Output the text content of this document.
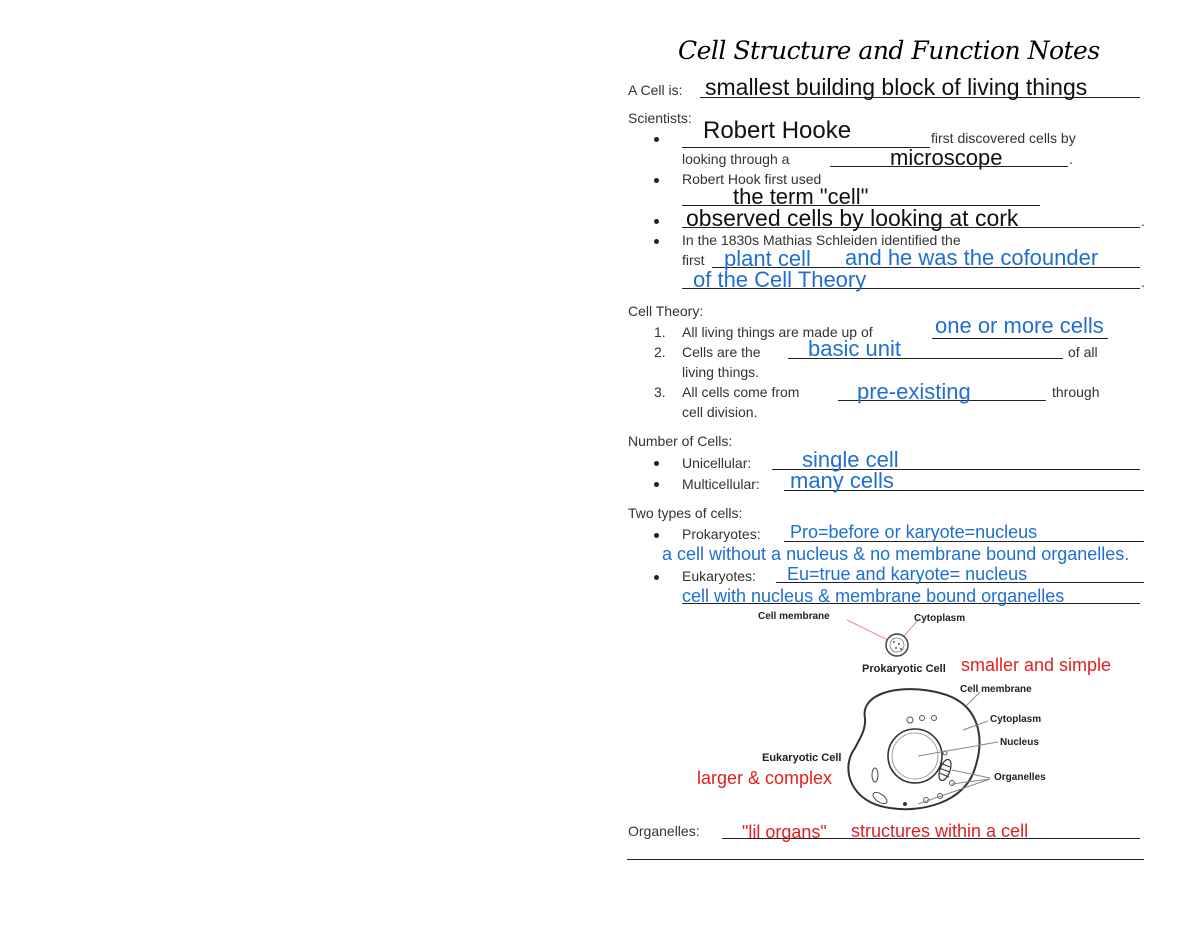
Cell Structure and Function Notes
A Cell is: smallest building block of living things
Scientists: Robert Hooke	first discovered cells by
looking through a	microscope	.
Robert Hook first used
the term "cell"
observed cells by looking at cork	.
In the 1830s Mathias Schleiden identified the
first plant cell and he was the cofounder
of the Cell Theory	.
Cell Theory:
1. All living things are made up of	one or more cells
2. Cells are the basic unit	of all
living things.
3. All cells come from	pre-existing	through
cell division.
Number of Cells:
Unicellular: single cell
Multicellular: many cells
Two types of cells:
Prokaryotes: Pro=before or karyote=nucleus
a cell without a nucleus & no membrane bound organelles.
Eukaryotes: Eu=true and karyote= nucleus
cell with nucleus & membrane bound organelles
Cell membrane	Cytoplasm
Prokaryotic Cell smaller and simple
Cell membrane
Cytoplasm
Nucleus
Organelles
Eukaryotic Cell
larger & complex
Organelles: "lil organs" structures within a cell
